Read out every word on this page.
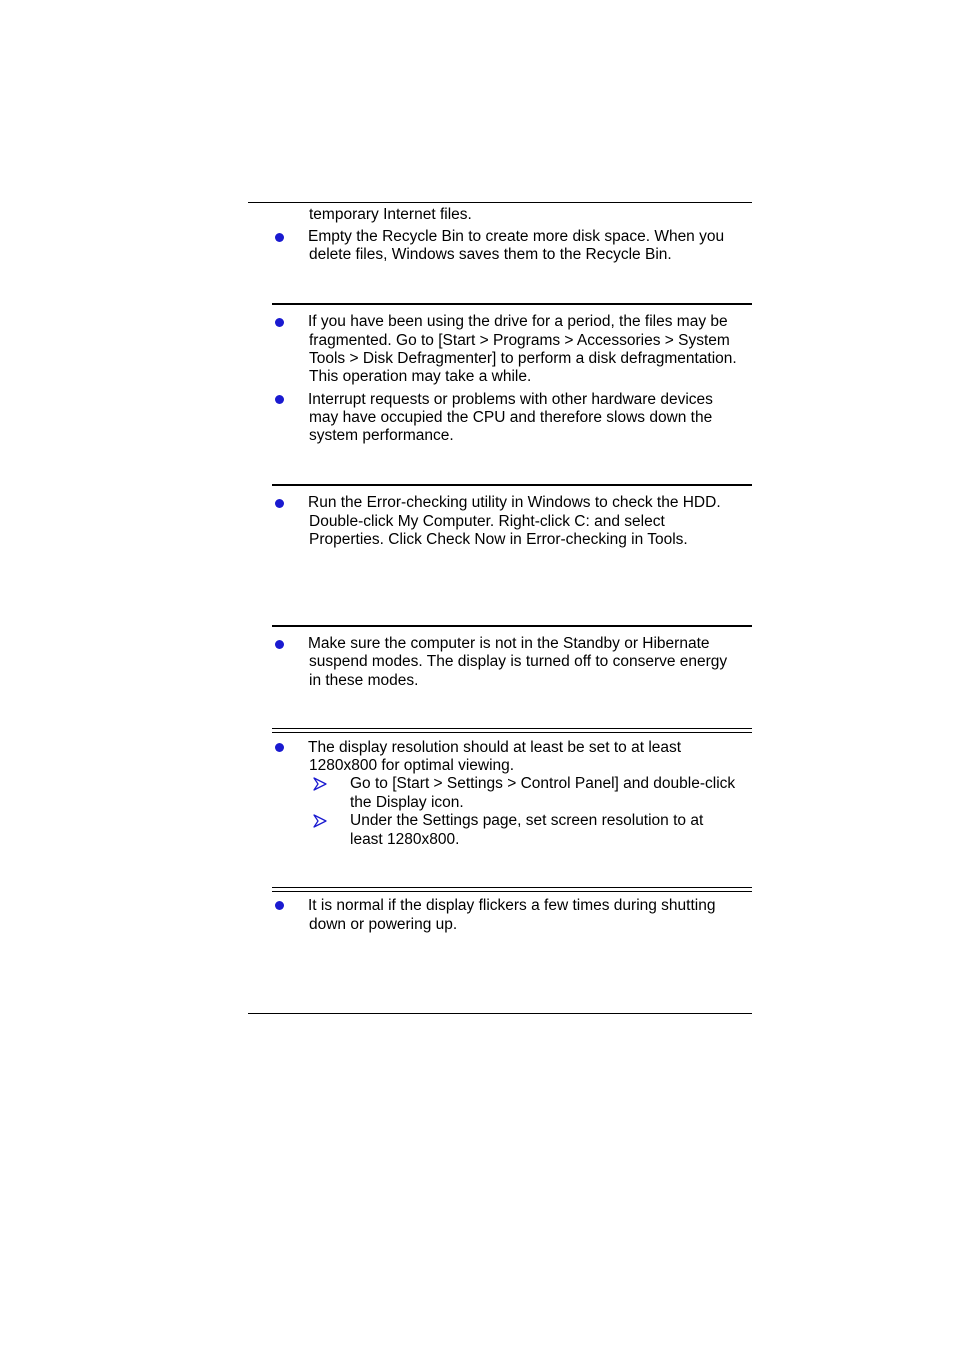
temporary Internet files.
Empty the Recycle Bin to create more disk space. When you
delete files, Windows saves them to the Recycle Bin.
If you have been using the drive for a period, the files may be
fragmented. Go to [Start > Programs > Accessories > System
Tools > Disk Defragmenter] to perform a disk defragmentation.
This operation may take a while.
Interrupt requests or problems with other hardware devices
may have occupied the CPU and therefore slows down the
system performance.
Run the Error-checking utility in Windows to check the HDD.
Double-click My Computer. Right-click C: and select
Properties. Click Check Now in Error-checking in Tools.
Make sure the computer is not in the Standby or Hibernate
suspend modes. The display is turned off to conserve energy
in these modes.
The display resolution should at least be set to at least
1280x800 for optimal viewing.
Go to [Start > Settings > Control Panel] and double-click
the Display icon.
Under the Settings page, set screen resolution to at
least 1280x800.
It is normal if the display flickers a few times during shutting
down or powering up.
